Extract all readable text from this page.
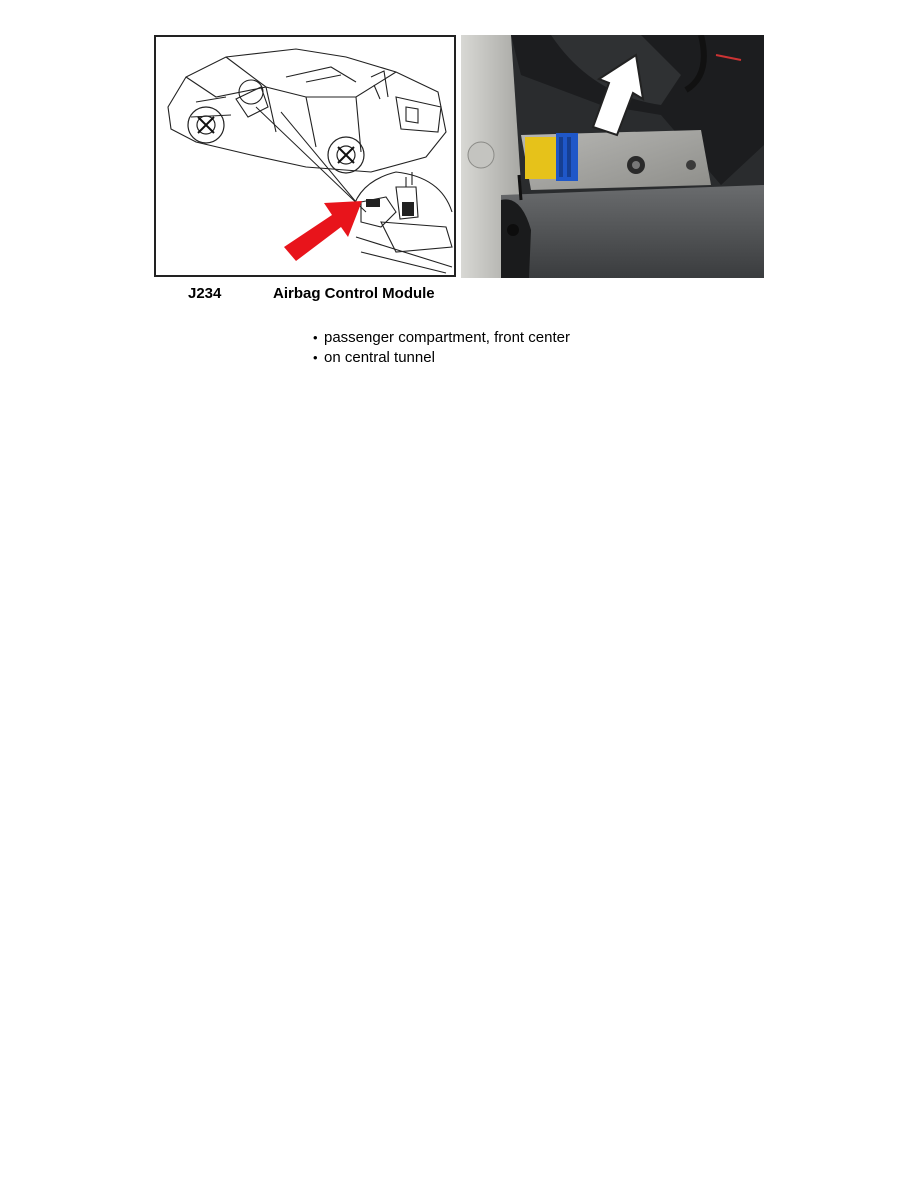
J234	Airbag Control Module
• passenger compartment, front center
• on central tunnel
